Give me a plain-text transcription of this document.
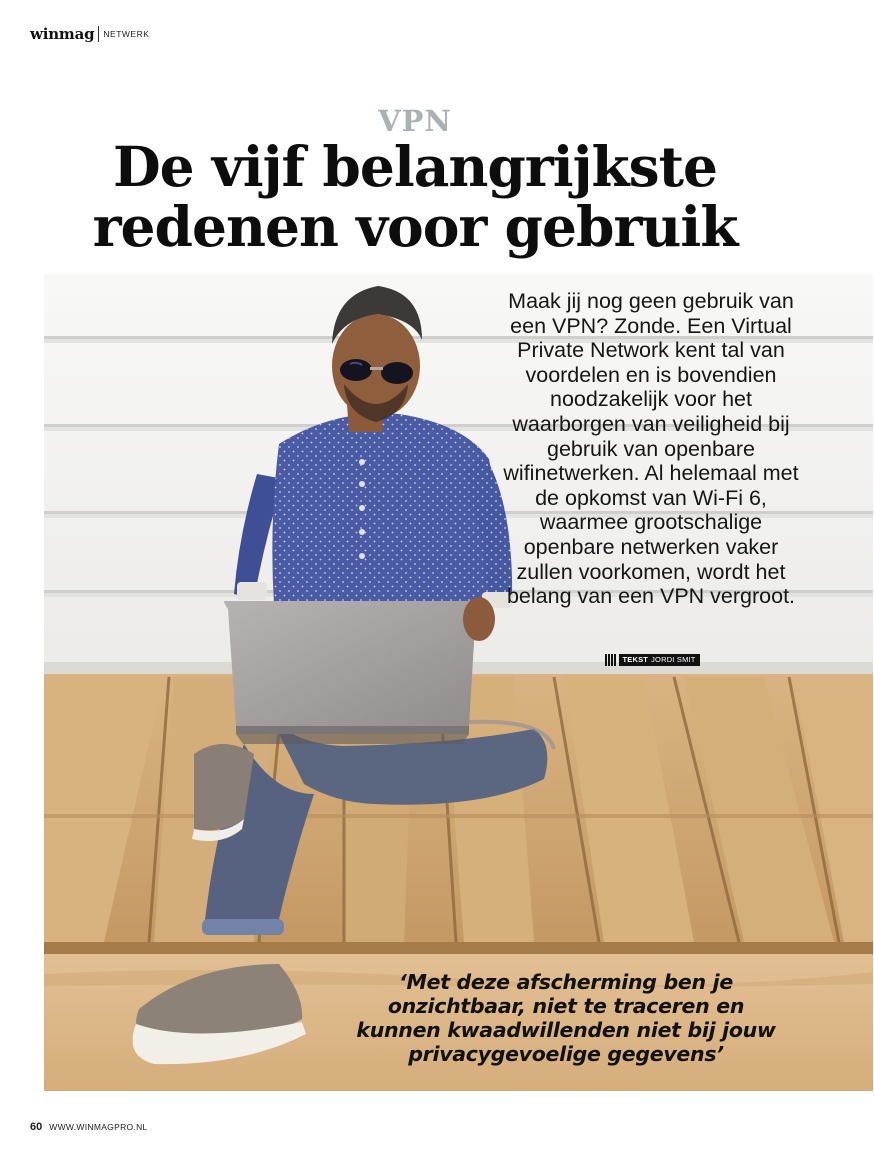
winmag NETWERK
VPN
De vijf belangrijkste
redenen voor gebruik
Maak jij nog geen gebruik van een VPN? Zonde. Een Virtual Private Network kent tal van voordelen en is bovendien noodzakelijk voor het waarborgen van veiligheid bij gebruik van openbare wifinetwerken. Al helemaal met de opkomst van Wi-Fi 6, waarmee grootschalige openbare netwerken vaker zullen voorkomen, wordt het belang van een VPN vergroot.
TEKST JORDI SMIT
‘Met deze afscherming ben je onzichtbaar, niet te traceren en kunnen kwaadwillenden niet bij jouw privacygevoelige gegevens’
60 WWW.WINMAGPRO.NL
